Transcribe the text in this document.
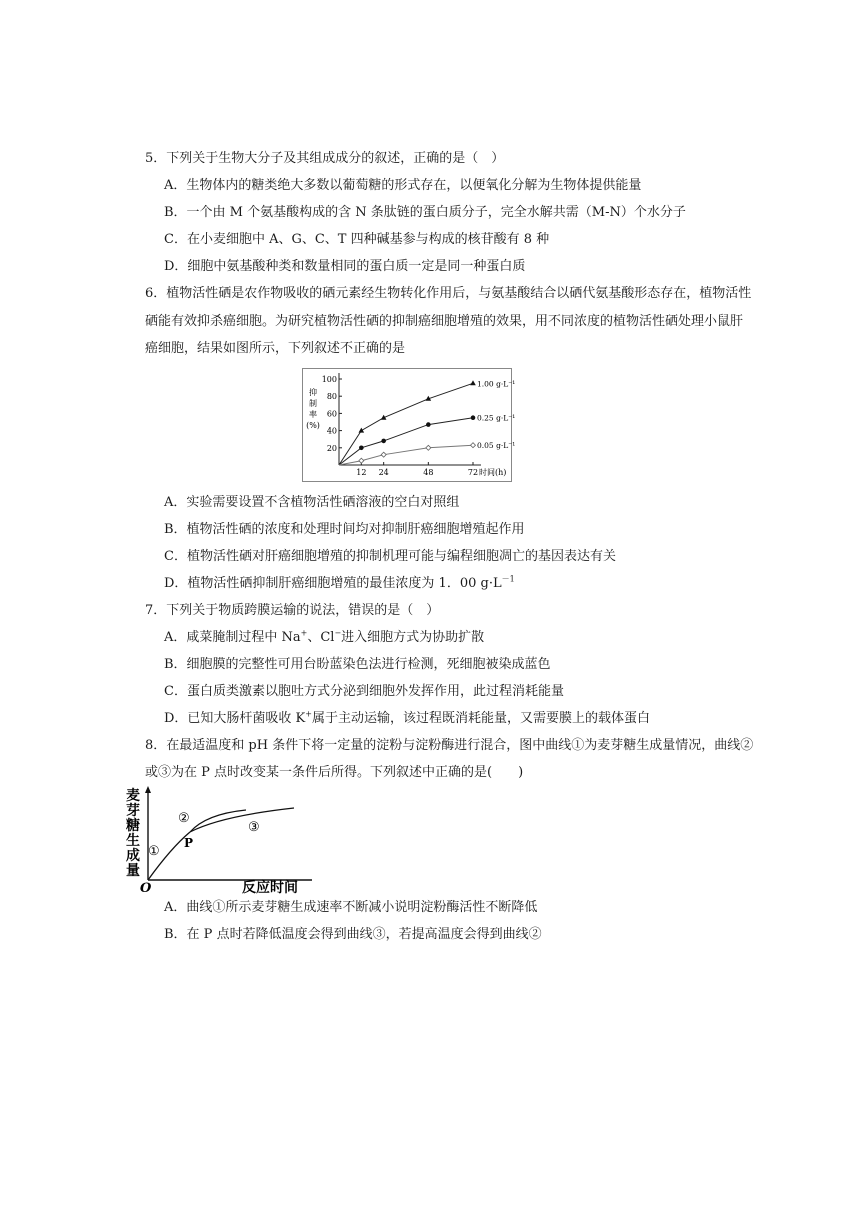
5．下列关于生物大分子及其组成成分的叙述，正确的是（　）
A．生物体内的糖类绝大多数以葡萄糖的形式存在，以便氧化分解为生物体提供能量
B．一个由 M 个氨基酸构成的含 N 条肽链的蛋白质分子，完全水解共需（M-N）个水分子
C．在小麦细胞中 A、G、C、T 四种碱基参与构成的核苷酸有 8 种
D．细胞中氨基酸种类和数量相同的蛋白质一定是同一种蛋白质
6．植物活性硒是农作物吸收的硒元素经生物转化作用后，与氨基酸结合以硒代氨基酸形态存在，植物活性
硒能有效抑杀癌细胞。为研究植物活性硒的抑制癌细胞增殖的效果，用不同浓度的植物活性硒处理小鼠肝
癌细胞，结果如图所示，下列叙述不正确的是
20
40
60
80
100
12 24	48	72 时间(h)
抑
制
率
(%)
1.00 g·L⁻¹
0.25 g·L⁻¹
0.05 g·L⁻¹
A．实验需要设置不含植物活性硒溶液的空白对照组
B．植物活性硒的浓度和处理时间均对抑制肝癌细胞增殖起作用
C．植物活性硒对肝癌细胞增殖的抑制机理可能与编程细胞凋亡的基因表达有关
D．植物活性硒抑制肝癌细胞增殖的最佳浓度为 1．00 $g\cdot L^{-1}$
7．下列关于物质跨膜运输的说法，错误的是（　）
A．咸菜腌制过程中 Na+、Cl−进入细胞方式为协助扩散
B．细胞膜的完整性可用台盼蓝染色法进行检测，死细胞被染成蓝色
C．蛋白质类激素以胞吐方式分泌到细胞外发挥作用，此过程消耗能量
D．已知大肠杆菌吸收 K+属于主动运输，该过程既消耗能量，又需要膜上的载体蛋白
8．在最适温度和 pH 条件下将一定量的淀粉与淀粉酶进行混合，图中曲线①为麦芽糖生成量情况，曲线②
或③为在 P 点时改变某一条件后所得。下列叙述中正确的是(　　)
麦
芽
糖
生
成
量
O	反应时间
①
②
③
P
A．曲线①所示麦芽糖生成速率不断减小说明淀粉酶活性不断降低
B．在 P 点时若降低温度会得到曲线③，若提高温度会得到曲线②
